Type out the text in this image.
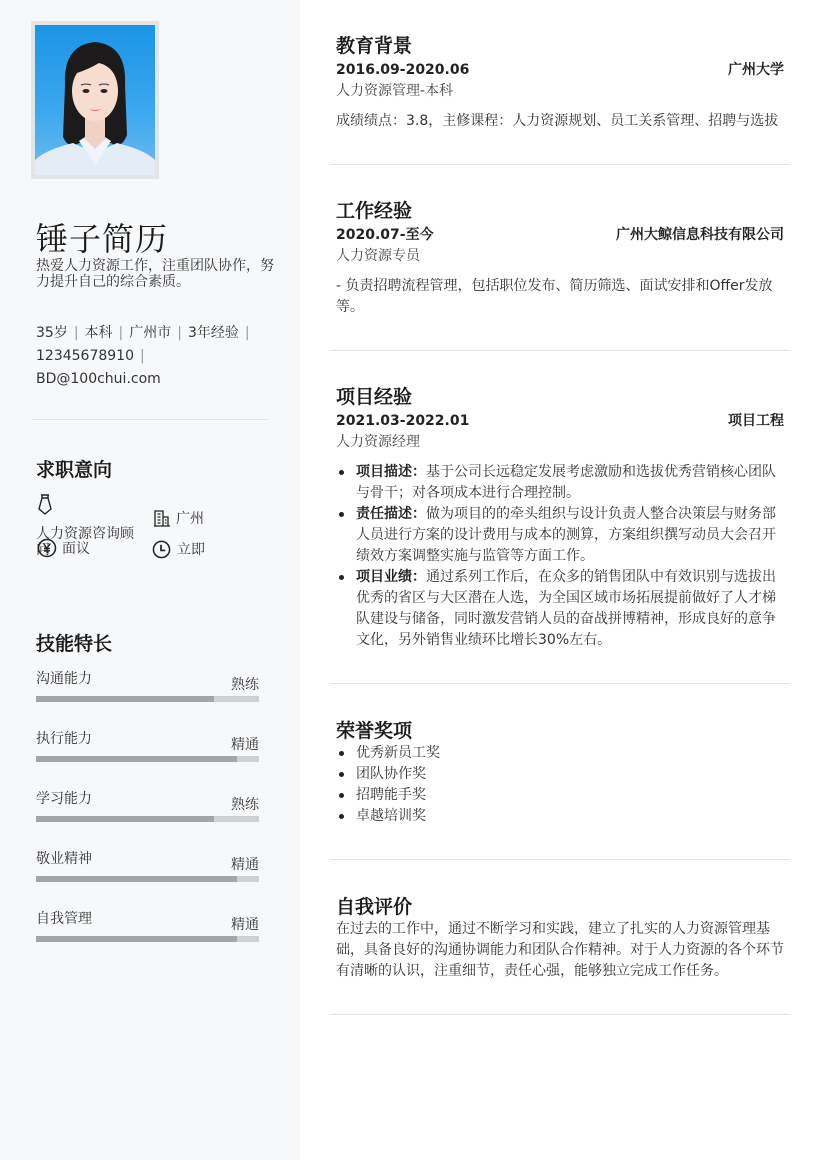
锤子简历
热爱人力资源工作，注重团队协作，努力提升自己的综合素质。
35岁 | 本科 | 广州市 | 3年经验 |
12345678910 |
BD@100chui.com
求职意向
人力资源咨询顾问 面议
广州
立即
技能特长
沟通能力	熟练
执行能力	精通
学习能力	熟练
敬业精神	精通
自我管理	精通
教育背景
2016.09-2020.06	广州大学
人力资源管理-本科
成绩绩点：3.8，主修课程：人力资源规划、员工关系管理、招聘与选拔
工作经验
2020.07-至今	广州大鲸信息科技有限公司
人力资源专员
- 负责招聘流程管理，包括职位发布、简历筛选、面试安排和Offer发放等。
项目经验
2021.03-2022.01	项目工程
人力资源经理
项目描述：基于公司长远稳定发展考虑激励和选拔优秀营销核心团队与骨干；对各项成本进行合理控制。
责任描述：做为项目的的牵头组织与设计负责人整合决策层与财务部人员进行方案的设计费用与成本的测算，方案组织撰写动员大会召开绩效方案调整实施与监管等方面工作。
项目业绩：通过系列工作后，在众多的销售团队中有效识别与选拔出优秀的省区与大区潜在人选，为全国区域市场拓展提前做好了人才梯队建设与储备，同时激发营销人员的奋战拼博精神，形成良好的意争文化，另外销售业绩环比增长30%左右。
荣誉奖项
优秀新员工奖
团队协作奖
招聘能手奖
卓越培训奖
自我评价
在过去的工作中，通过不断学习和实践，建立了扎实的人力资源管理基础，具备良好的沟通协调能力和团队合作精神。对于人力资源的各个环节有清晰的认识，注重细节，责任心强，能够独立完成工作任务。
